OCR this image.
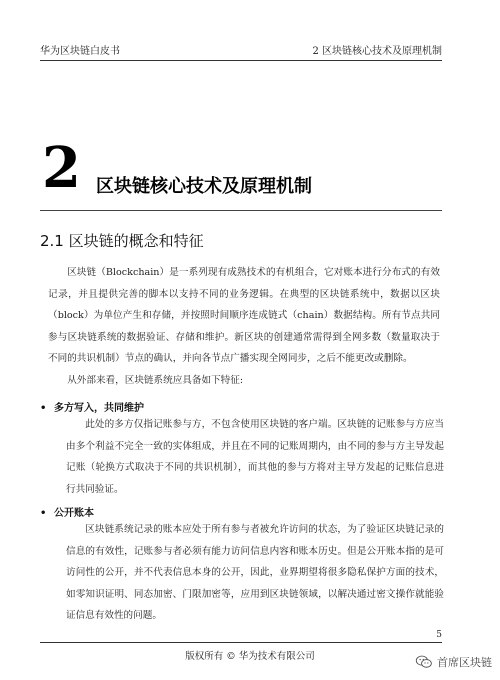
华为区块链白皮书	2 区块链核心技术及原理机制
2 区块链核心技术及原理机制
2.1 区块链的概念和特征
区块链（Blockchain）是一系列现有成熟技术的有机组合，它对账本进行分布式的有效记录，并且提供完善的脚本以支持不同的业务逻辑。在典型的区块链系统中，数据以区块（block）为单位产生和存储，并按照时间顺序连成链式（chain）数据结构。所有节点共同参与区块链系统的数据验证、存储和维护。新区块的创建通常需得到全网多数（数量取决于不同的共识机制）节点的确认，并向各节点广播实现全网同步，之后不能更改或删除。
从外部来看，区块链系统应具备如下特征:
• 多方写入，共同维护
此处的多方仅指记账参与方，不包含使用区块链的客户端。区块链的记账参与方应当由多个利益不完全一致的实体组成，并且在不同的记账周期内，由不同的参与方主导发起记账（轮换方式取决于不同的共识机制），而其他的参与方将对主导方发起的记账信息进行共同验证。
• 公开账本
区块链系统记录的账本应处于所有参与者被允许访问的状态，为了验证区块链记录的信息的有效性，记账参与者必须有能力访问信息内容和账本历史。但是公开账本指的是可访问性的公开，并不代表信息本身的公开，因此，业界期望将很多隐私保护方面的技术，如零知识证明、同态加密、门限加密等，应用到区块链领域，以解决通过密文操作就能验证信息有效性的问题。
5
版权所有 © 华为技术有限公司	首席区块链
